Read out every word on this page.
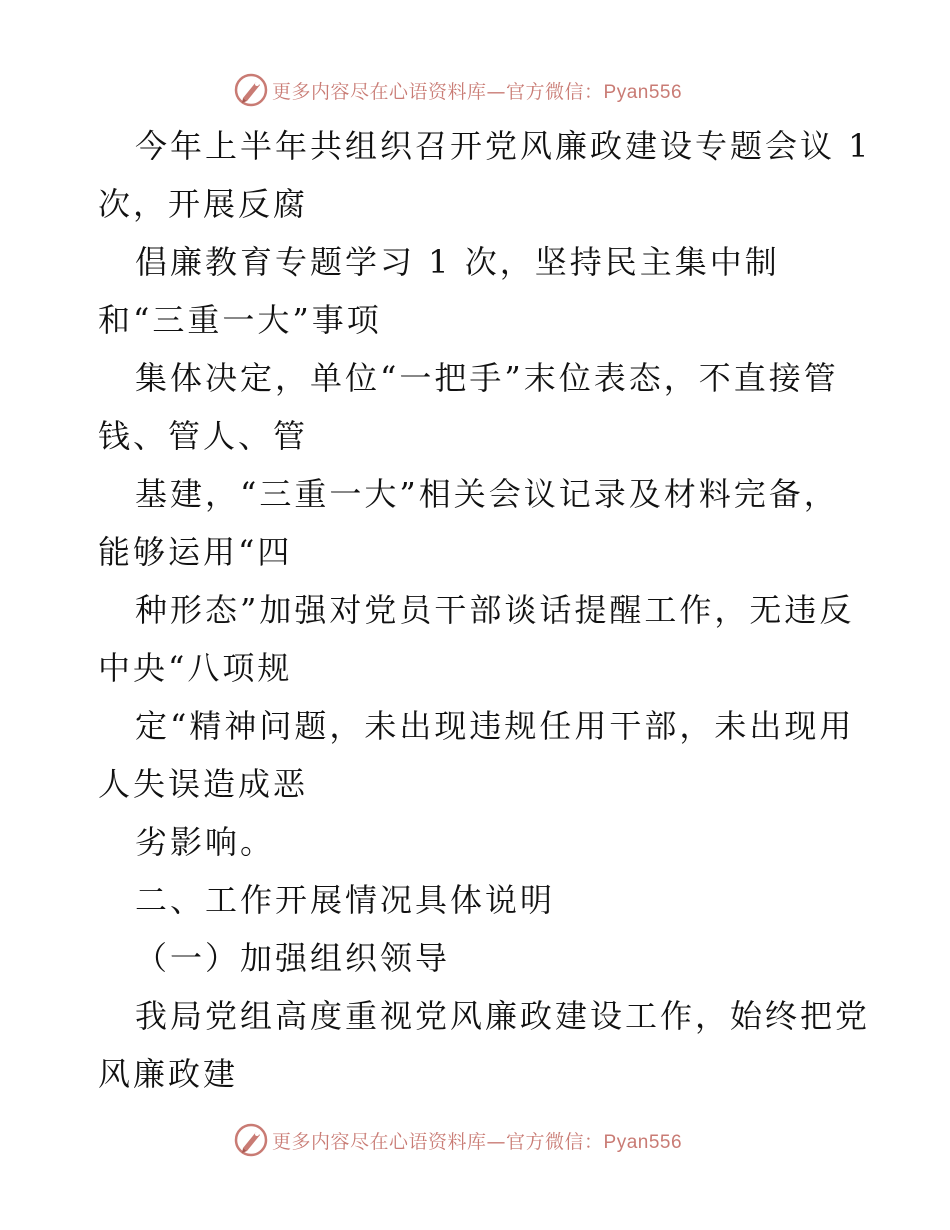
更多内容尽在心语资料库—官方微信：Pyan556
今年上半年共组织召开党风廉政建设专题会议 1
次，开展反腐
倡廉教育专题学习 1 次，坚持民主集中制
和“三重一大”事项
集体决定，单位“一把手”末位表态，不直接管
钱、管人、管
基建，“三重一大”相关会议记录及材料完备，
能够运用“四
种形态”加强对党员干部谈话提醒工作，无违反
中央“八项规
定“精神问题，未出现违规任用干部，未出现用
人失误造成恶
劣影响。
二、工作开展情况具体说明
（一）加强组织领导
我局党组高度重视党风廉政建设工作，始终把党
风廉政建
更多内容尽在心语资料库—官方微信：Pyan556
